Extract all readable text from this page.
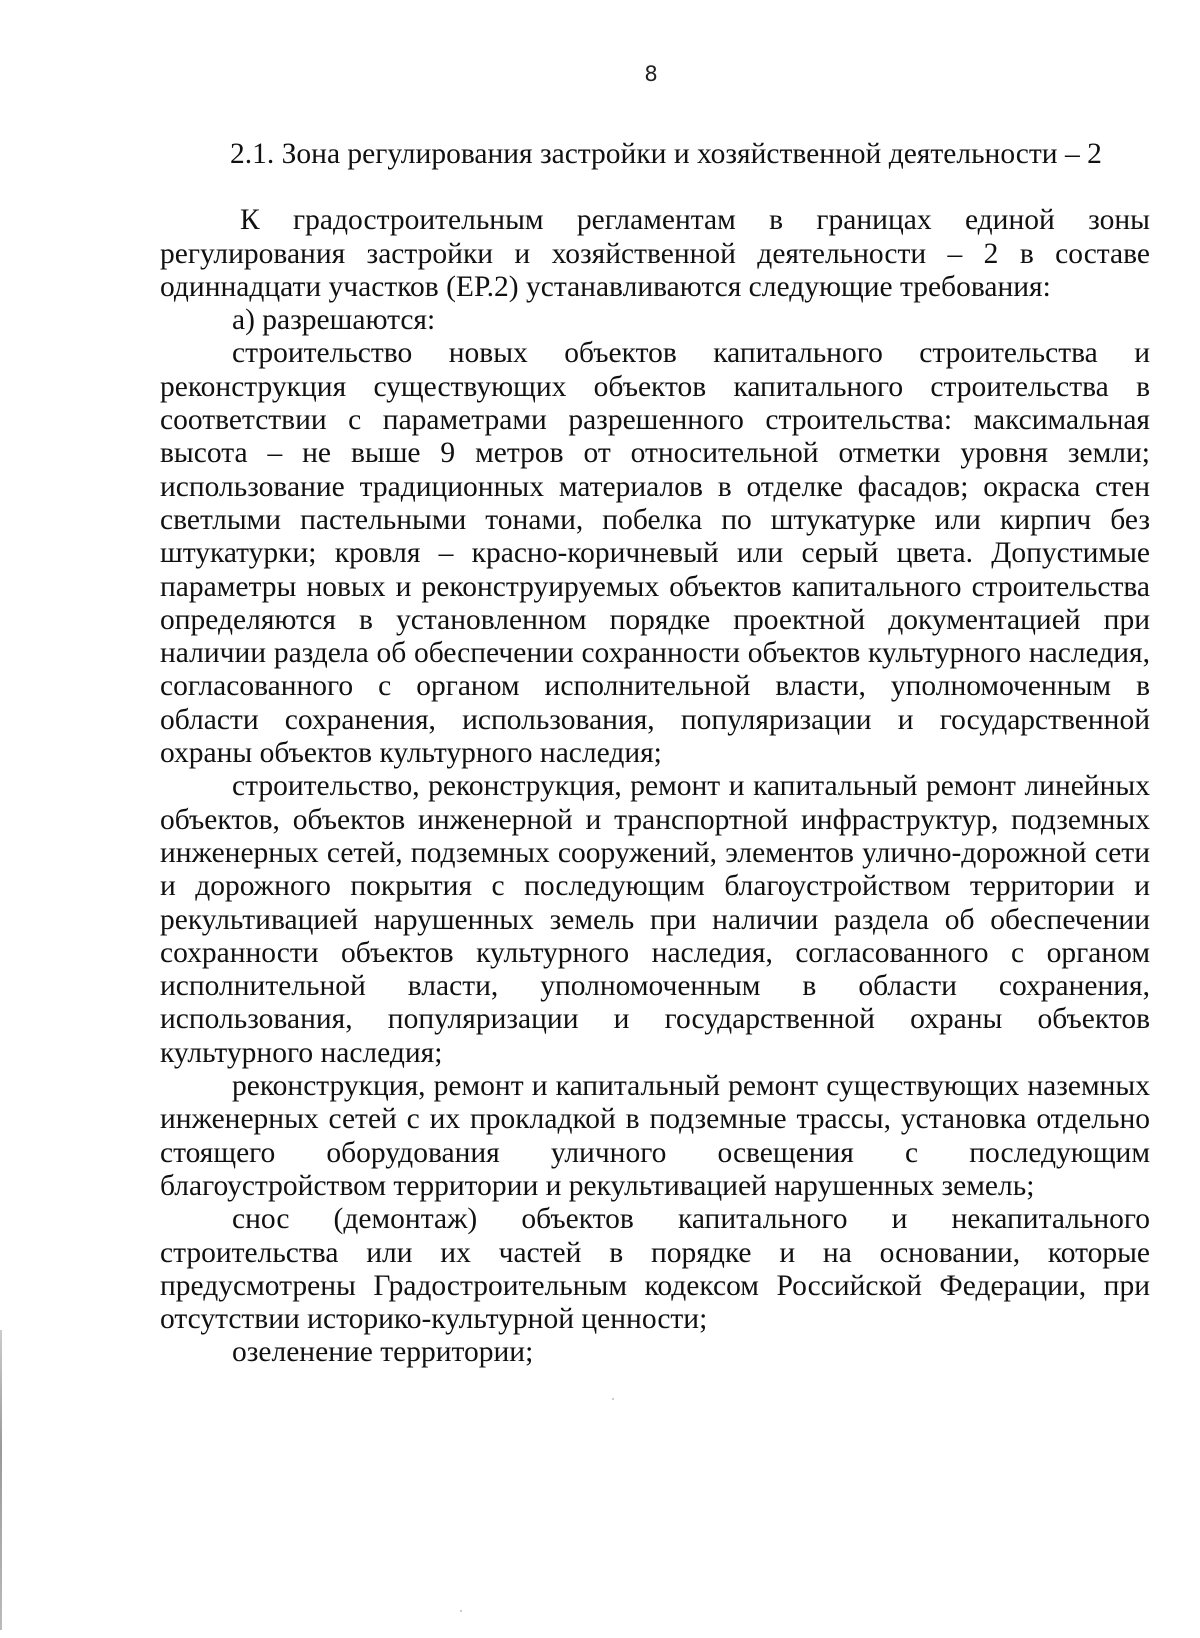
8
2.1. Зона регулирования застройки и хозяйственной деятельности – 2

К градостроительным регламентам в границах единой зоны регулирования застройки и хозяйственной деятельности – 2 в составе одиннадцати участков (ЕР.2) устанавливаются следующие требования:

а) разрешаются:

строительство новых объектов капитального строительства и реконструкция существующих объектов капитального строительства в соответствии с параметрами разрешенного строительства: максимальная высота – не выше 9 метров от относительной отметки уровня земли; использование традиционных материалов в отделке фасадов; окраска стен светлыми пастельными тонами, побелка по штукатурке или кирпич без штукатурки; кровля – красно-коричневый или серый цвета. Допустимые параметры новых и реконструируемых объектов капитального строительства определяются в установленном порядке проектной документацией при наличии раздела об обеспечении сохранности объектов культурного наследия, согласованного с органом исполнительной власти, уполномоченным в области сохранения, использования, популяризации и государственной охраны объектов культурного наследия;

строительство, реконструкция, ремонт и капитальный ремонт линейных объектов, объектов инженерной и транспортной инфраструктур, подземных инженерных сетей, подземных сооружений, элементов улично-дорожной сети и дорожного покрытия с последующим благоустройством территории и рекультивацией нарушенных земель при наличии раздела об обеспечении сохранности объектов культурного наследия, согласованного с органом исполнительной власти, уполномоченным в области сохранения, использования, популяризации и государственной охраны объектов культурного наследия;

реконструкция, ремонт и капитальный ремонт существующих наземных инженерных сетей с их прокладкой в подземные трассы, установка отдельно стоящего оборудования уличного освещения с последующим благоустройством территории и рекультивацией нарушенных земель;

снос (демонтаж) объектов капитального и некапитального строительства или их частей в порядке и на основании, которые предусмотрены Градостроительным кодексом Российской Федерации, при отсутствии историко-культурной ценности;

озеленение территории;
